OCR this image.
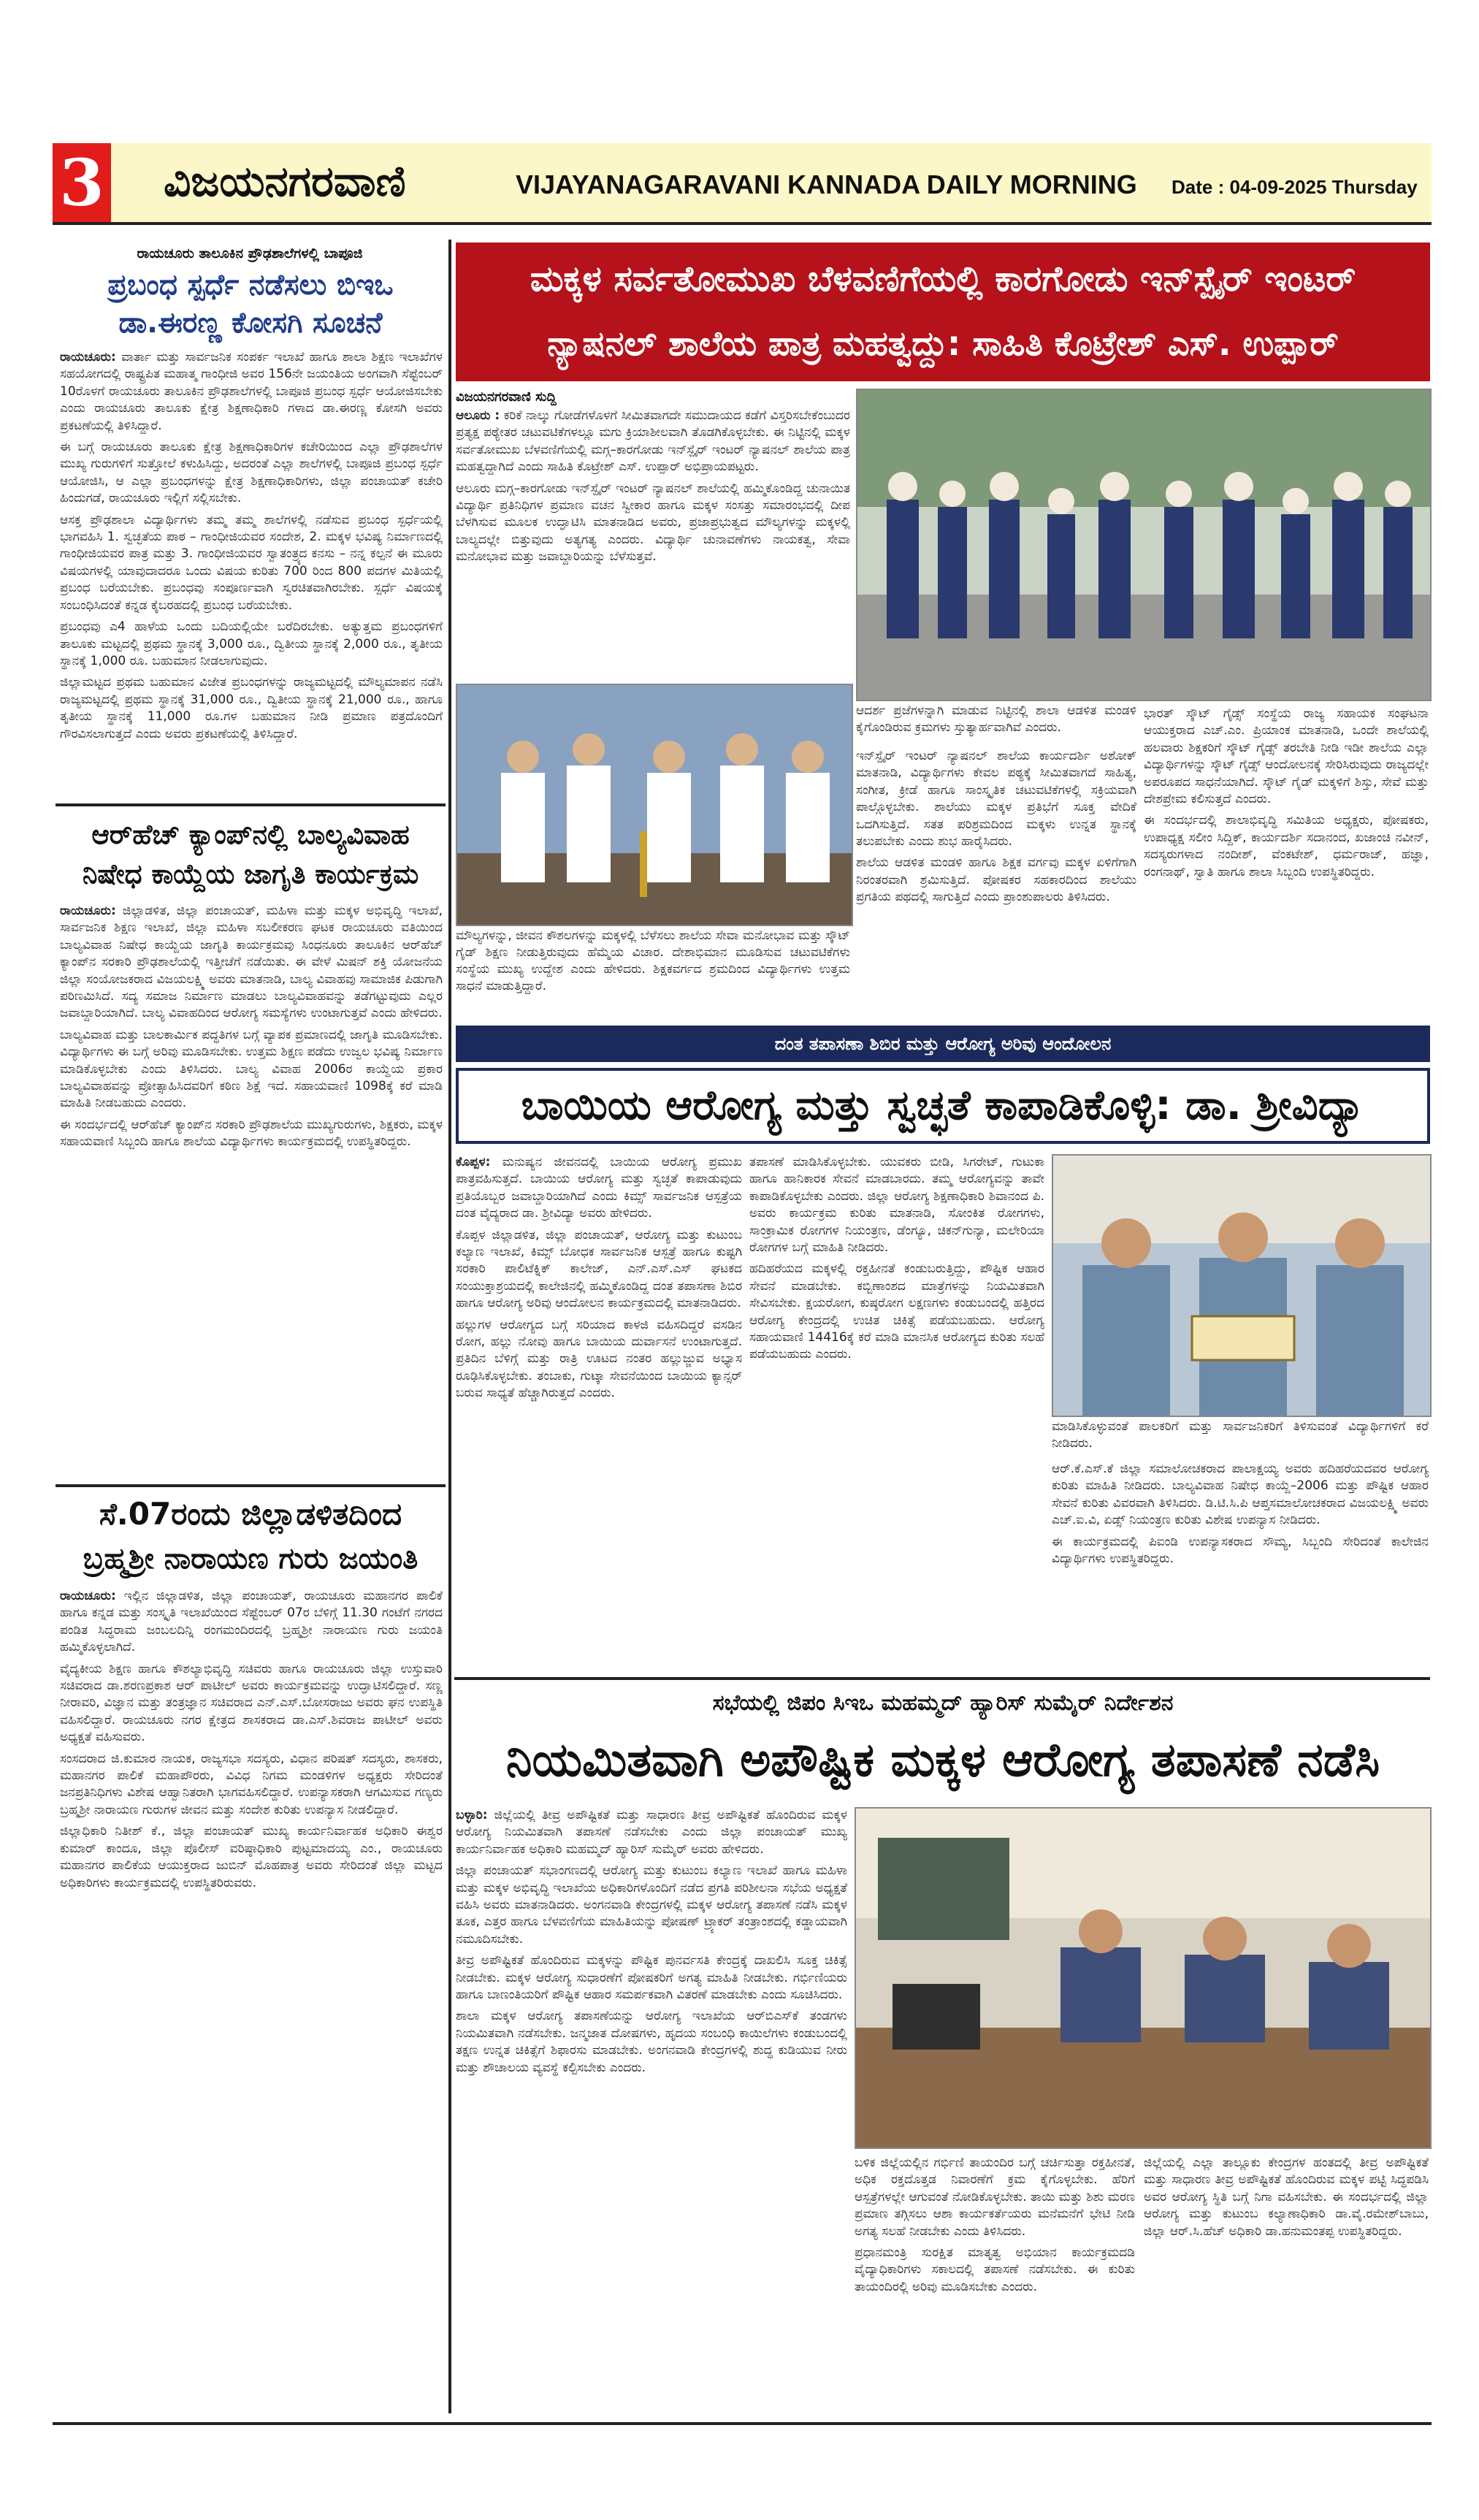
3 ವಿಜಯನಗರವಾಣಿ	VIJAYANAGARAVANI KANNADA DAILY MORNING Date : 04-09-2025 Thursday
ರಾಯಚೂರು ತಾಲೂಕಿನ ಪ್ರೌಢಶಾಲೆಗಳಲ್ಲಿ ಬಾಪೂಜಿ
ಪ್ರಬಂಧ ಸ್ಪರ್ಧೆ ನಡೆಸಲು ಬಿಇಒ
ಡಾ.ಈರಣ್ಣ ಕೋಸಗಿ ಸೂಚನೆ

ರಾಯಚೂರು: ವಾರ್ತಾ ಮತ್ತು ಸಾರ್ವಜನಿಕ ಸಂಪರ್ಕ ಇಲಾಖೆ ಹಾಗೂ ಶಾಲಾ ಶಿಕ್ಷಣ ಇಲಾಖೆಗಳ ಸಹಯೋಗದಲ್ಲಿ ರಾಷ್ಟ್ರಪಿತ ಮಹಾತ್ಮ ಗಾಂಧೀಜಿ ಅವರ 156ನೇ ಜಯಂತಿಯ ಅಂಗವಾಗಿ ಸೆಪ್ಟೆಂಬರ್ 10ರೊಳಗೆ ರಾಯಚೂರು ತಾಲೂಕಿನ ಪ್ರೌಢಶಾಲೆಗಳಲ್ಲಿ ಬಾಪೂಜಿ ಪ್ರಬಂಧ ಸ್ಪರ್ಧೆ ಆಯೋಜಿಸಬೇಕು ಎಂದು ರಾಯಚೂರು ತಾಲೂಕು ಕ್ಷೇತ್ರ ಶಿಕ್ಷಣಾಧಿಕಾರಿ ಗಳಾದ ಡಾ.ಈರಣ್ಣ ಕೋಸಗಿ ಅವರು ಪ್ರಕಟಣೆಯಲ್ಲಿ ತಿಳಿಸಿದ್ದಾರೆ.

ಈ ಬಗ್ಗೆ ರಾಯಚೂರು ತಾಲೂಕು ಕ್ಷೇತ್ರ ಶಿಕ್ಷಣಾಧಿಕಾರಿಗಳ ಕಚೇರಿಯಿಂದ ಎಲ್ಲಾ ಪ್ರೌಢಶಾಲೆಗಳ ಮುಖ್ಯ ಗುರುಗಳಿಗೆ ಸುತ್ತೋಲೆ ಕಳುಹಿಸಿದ್ದು, ಅದರಂತೆ ಎಲ್ಲಾ ಶಾಲೆಗಳಲ್ಲಿ ಬಾಪೂಜಿ ಪ್ರಬಂಧ ಸ್ಪರ್ಧೆ ಆಯೋಜಿಸಿ, ಆ ಎಲ್ಲಾ ಪ್ರಬಂಧಗಳನ್ನು ಕ್ಷೇತ್ರ ಶಿಕ್ಷಣಾಧಿಕಾರಿಗಳು, ಜಿಲ್ಲಾ ಪಂಚಾಯತ್ ಕಚೇರಿ ಹಿಂದುಗಡೆ, ರಾಯಚೂರು ಇಲ್ಲಿಗೆ ಸಲ್ಲಿಸಬೇಕು.

ಆಸಕ್ತ ಪ್ರೌಢಶಾಲಾ ವಿದ್ಯಾರ್ಥಿಗಳು ತಮ್ಮ ತಮ್ಮ ಶಾಲೆಗಳಲ್ಲಿ ನಡೆಸುವ ಪ್ರಬಂಧ ಸ್ಪರ್ಧೆಯಲ್ಲಿ ಭಾಗವಹಿಸಿ 1. ಸ್ವಚ್ಛತೆಯ ಪಾಠ – ಗಾಂಧೀಜಿಯವರ ಸಂದೇಶ, 2. ಮಕ್ಕಳ ಭವಿಷ್ಯ ನಿರ್ಮಾಣದಲ್ಲಿ ಗಾಂಧೀಜಿಯವರ ಪಾತ್ರ ಮತ್ತು 3. ಗಾಂಧೀಜಿಯವರ ಸ್ವಾತಂತ್ರ್ಯದ ಕನಸು – ನನ್ನ ಕಲ್ಪನೆ ಈ ಮೂರು ವಿಷಯಗಳಲ್ಲಿ ಯಾವುದಾದರೂ ಒಂದು ವಿಷಯ ಕುರಿತು 700 ರಿಂದ 800 ಪದಗಳ ಮಿತಿಯಲ್ಲಿ ಪ್ರಬಂಧ ಬರೆಯಬೇಕು. ಪ್ರಬಂಧವು ಸಂಪೂರ್ಣವಾಗಿ ಸ್ವರಚಿತವಾಗಿರಬೇಕು. ಸ್ಪರ್ಧೆ ವಿಷಯಕ್ಕೆ ಸಂಬಂಧಿಸಿದಂತೆ ಕನ್ನಡ ಕೈಬರಹದಲ್ಲಿ ಪ್ರಬಂಧ ಬರೆಯಬೇಕು.

ಪ್ರಬಂಧವು ಎ4 ಹಾಳೆಯ ಒಂದು ಬದಿಯಲ್ಲಿಯೇ ಬರೆದಿರಬೇಕು. ಅತ್ಯುತ್ತಮ ಪ್ರಬಂಧಗಳಿಗೆ ತಾಲೂಕು ಮಟ್ಟದಲ್ಲಿ ಪ್ರಥಮ ಸ್ಥಾನಕ್ಕೆ 3,000 ರೂ., ದ್ವಿತೀಯ ಸ್ಥಾನಕ್ಕೆ 2,000 ರೂ., ತೃತೀಯ ಸ್ಥಾನಕ್ಕೆ 1,000 ರೂ. ಬಹುಮಾನ ನೀಡಲಾಗುವುದು.

ಜಿಲ್ಲಾಮಟ್ಟದ ಪ್ರಥಮ ಬಹುಮಾನ ವಿಜೇತ ಪ್ರಬಂಧಗಳನ್ನು ರಾಜ್ಯಮಟ್ಟದಲ್ಲಿ ಮೌಲ್ಯಮಾಪನ ನಡೆಸಿ ರಾಜ್ಯಮಟ್ಟದಲ್ಲಿ ಪ್ರಥಮ ಸ್ಥಾನಕ್ಕೆ 31,000 ರೂ., ದ್ವಿತೀಯ ಸ್ಥಾನಕ್ಕೆ 21,000 ರೂ., ಹಾಗೂ ತೃತೀಯ ಸ್ಥಾನಕ್ಕೆ 11,000 ರೂ.ಗಳ ಬಹುಮಾನ ನೀಡಿ ಪ್ರಮಾಣ ಪತ್ರದೊಂದಿಗೆ ಗೌರವಿಸಲಾಗುತ್ತದೆ ಎಂದು ಅವರು ಪ್ರಕಟಣೆಯಲ್ಲಿ ತಿಳಿಸಿದ್ದಾರೆ.

ಆರ್‌ಹೆಚ್ ಕ್ಯಾಂಪ್‌ನಲ್ಲಿ ಬಾಲ್ಯವಿವಾಹ
ನಿಷೇಧ ಕಾಯ್ದೆಯ ಜಾಗೃತಿ ಕಾರ್ಯಕ್ರಮ

ರಾಯಚೂರು: ಜಿಲ್ಲಾಡಳಿತ, ಜಿಲ್ಲಾ ಪಂಚಾಯತ್, ಮಹಿಳಾ ಮತ್ತು ಮಕ್ಕಳ ಅಭಿವೃದ್ಧಿ ಇಲಾಖೆ, ಸಾರ್ವಜನಿಕ ಶಿಕ್ಷಣ ಇಲಾಖೆ, ಜಿಲ್ಲಾ ಮಹಿಳಾ ಸಬಲೀಕರಣ ಘಟಕ ರಾಯಚೂರು ವತಿಯಿಂದ ಬಾಲ್ಯವಿವಾಹ ನಿಷೇಧ ಕಾಯ್ದೆಯ ಜಾಗೃತಿ ಕಾರ್ಯಕ್ರಮವು ಸಿಂಧನೂರು ತಾಲೂಕಿನ ಆರ್‌ಹೆಚ್ ಕ್ಯಾಂಪ್‌ನ ಸರಕಾರಿ ಪ್ರೌಢಶಾಲೆಯಲ್ಲಿ ಇತ್ತೀಚೆಗೆ ನಡೆಯಿತು. ಈ ವೇಳೆ ಮಿಷನ್ ಶಕ್ತಿ ಯೋಜನೆಯ ಜಿಲ್ಲಾ ಸಂಯೋಜಕರಾದ ವಿಜಯಲಕ್ಷ್ಮಿ ಅವರು ಮಾತನಾಡಿ, ಬಾಲ್ಯ ವಿವಾಹವು ಸಾಮಾಜಿಕ ಪಿಡುಗಾಗಿ ಪರಿಣಮಿಸಿದೆ. ಸದ್ಯ ಸಮಾಜ ನಿರ್ಮಾಣ ಮಾಡಲು ಬಾಲ್ಯವಿವಾಹವನ್ನು ತಡೆಗಟ್ಟುವುದು ಎಲ್ಲರ ಜವಾಬ್ದಾರಿಯಾಗಿದೆ. ಬಾಲ್ಯ ವಿವಾಹದಿಂದ ಆರೋಗ್ಯ ಸಮಸ್ಯೆಗಳು ಉಂಟಾಗುತ್ತವೆ ಎಂದು ಹೇಳಿದರು.

ಬಾಲ್ಯವಿವಾಹ ಮತ್ತು ಬಾಲಕಾರ್ಮಿಕ ಪದ್ಧತಿಗಳ ಬಗ್ಗೆ ವ್ಯಾಪಕ ಪ್ರಮಾಣದಲ್ಲಿ ಜಾಗೃತಿ ಮೂಡಿಸಬೇಕು. ವಿದ್ಯಾರ್ಥಿಗಳು ಈ ಬಗ್ಗೆ ಅರಿವು ಮೂಡಿಸಬೇಕು. ಉತ್ತಮ ಶಿಕ್ಷಣ ಪಡೆದು ಉಜ್ವಲ ಭವಿಷ್ಯ ನಿರ್ಮಾಣ ಮಾಡಿಕೊಳ್ಳಬೇಕು ಎಂದು ತಿಳಿಸಿದರು. ಬಾಲ್ಯ ವಿವಾಹ 2006ರ ಕಾಯ್ದೆಯ ಪ್ರಕಾರ ಬಾಲ್ಯವಿವಾಹವನ್ನು ಪ್ರೋತ್ಸಾಹಿಸಿದವರಿಗೆ ಕಠಿಣ ಶಿಕ್ಷೆ ಇದೆ. ಸಹಾಯವಾಣಿ 1098ಕ್ಕೆ ಕರೆ ಮಾಡಿ ಮಾಹಿತಿ ನೀಡಬಹುದು ಎಂದರು.

ಈ ಸಂದರ್ಭದಲ್ಲಿ ಆರ್‌ಹೆಚ್ ಕ್ಯಾಂಪ್‌ನ ಸರಕಾರಿ ಪ್ರೌಢಶಾಲೆಯ ಮುಖ್ಯಗುರುಗಳು, ಶಿಕ್ಷಕರು, ಮಕ್ಕಳ ಸಹಾಯವಾಣಿ ಸಿಬ್ಬಂದಿ ಹಾಗೂ ಶಾಲೆಯ ವಿದ್ಯಾರ್ಥಿಗಳು ಕಾರ್ಯಕ್ರಮದಲ್ಲಿ ಉಪಸ್ಥಿತರಿದ್ದರು.

ಸೆ.07ರಂದು ಜಿಲ್ಲಾಡಳಿತದಿಂದ
ಬ್ರಹ್ಮಶ್ರೀ ನಾರಾಯಣ ಗುರು ಜಯಂತಿ

ರಾಯಚೂರು: ಇಲ್ಲಿನ ಜಿಲ್ಲಾಡಳಿತ, ಜಿಲ್ಲಾ ಪಂಚಾಯತ್, ರಾಯಚೂರು ಮಹಾನಗರ ಪಾಲಿಕೆ ಹಾಗೂ ಕನ್ನಡ ಮತ್ತು ಸಂಸ್ಕೃತಿ ಇಲಾಖೆಯಿಂದ ಸೆಪ್ಟೆಂಬರ್ 07ರ ಬೆಳಿಗ್ಗೆ 11.30 ಗಂಟೆಗೆ ನಗರದ ಪಂಡಿತ ಸಿದ್ಧರಾಮ ಜಂಬಲದಿನ್ನಿ ರಂಗಮಂದಿರದಲ್ಲಿ ಬ್ರಹ್ಮಶ್ರೀ ನಾರಾಯಣ ಗುರು ಜಯಂತಿ ಹಮ್ಮಿಕೊಳ್ಳಲಾಗಿದೆ.

ವೈದ್ಯಕೀಯ ಶಿಕ್ಷಣ ಹಾಗೂ ಕೌಶಲ್ಯಾಭಿವೃದ್ಧಿ ಸಚಿವರು ಹಾಗೂ ರಾಯಚೂರು ಜಿಲ್ಲಾ ಉಸ್ತುವಾರಿ ಸಚಿವರಾದ ಡಾ.ಶರಣಪ್ರಕಾಶ ಆರ್ ಪಾಟೀಲ್ ಅವರು ಕಾರ್ಯಕ್ರಮವನ್ನು ಉದ್ಘಾಟಿಸಲಿದ್ದಾರೆ. ಸಣ್ಣ ನೀರಾವರಿ, ವಿಜ್ಞಾನ ಮತ್ತು ತಂತ್ರಜ್ಞಾನ ಸಚಿವರಾದ ಎನ್.ಎಸ್.ಬೋಸರಾಜು ಅವರು ಘನ ಉಪಸ್ಥಿತಿ ವಹಿಸಲಿದ್ದಾರೆ. ರಾಯಚೂರು ನಗರ ಕ್ಷೇತ್ರದ ಶಾಸಕರಾದ ಡಾ.ಎಸ್.ಶಿವರಾಜ ಪಾಟೀಲ್ ಅವರು ಅಧ್ಯಕ್ಷತೆ ವಹಿಸುವರು.

ಸಂಸದರಾದ ಜಿ.ಕುಮಾರ ನಾಯಕ, ರಾಜ್ಯಸಭಾ ಸದಸ್ಯರು, ವಿಧಾನ ಪರಿಷತ್ ಸದಸ್ಯರು, ಶಾಸಕರು, ಮಹಾನಗರ ಪಾಲಿಕೆ ಮಹಾಪೌರರು, ವಿವಿಧ ನಿಗಮ ಮಂಡಳಿಗಳ ಅಧ್ಯಕ್ಷರು ಸೇರಿದಂತೆ ಜನಪ್ರತಿನಿಧಿಗಳು ವಿಶೇಷ ಆಹ್ವಾನಿತರಾಗಿ ಭಾಗವಹಿಸಲಿದ್ದಾರೆ. ಉಪನ್ಯಾಸಕರಾಗಿ ಆಗಮಿಸುವ ಗಣ್ಯರು ಬ್ರಹ್ಮಶ್ರೀ ನಾರಾಯಣ ಗುರುಗಳ ಜೀವನ ಮತ್ತು ಸಂದೇಶ ಕುರಿತು ಉಪನ್ಯಾಸ ನೀಡಲಿದ್ದಾರೆ.

ಜಿಲ್ಲಾಧಿಕಾರಿ ನಿತೀಶ್ ಕೆ., ಜಿಲ್ಲಾ ಪಂಚಾಯತ್ ಮುಖ್ಯ ಕಾರ್ಯನಿರ್ವಾಹಕ ಅಧಿಕಾರಿ ಈಶ್ವರ ಕುಮಾರ್ ಕಾಂದೂ, ಜಿಲ್ಲಾ ಪೊಲೀಸ್ ವರಿಷ್ಠಾಧಿಕಾರಿ ಪುಟ್ಟಮಾದಯ್ಯ ಎಂ., ರಾಯಚೂರು ಮಹಾನಗರ ಪಾಲಿಕೆಯ ಆಯುಕ್ತರಾದ ಜುಬಿನ್ ಮೊಹಪಾತ್ರ ಅವರು ಸೇರಿದಂತೆ ಜಿಲ್ಲಾ ಮಟ್ಟದ ಅಧಿಕಾರಿಗಳು ಕಾರ್ಯಕ್ರಮದಲ್ಲಿ ಉಪಸ್ಥಿತರಿರುವರು.

ಮಕ್ಕಳ ಸರ್ವತೋಮುಖ ಬೆಳವಣಿಗೆಯಲ್ಲಿ ಕಾರಗೋಡು ಇನ್‌ಸ್ಪೈರ್ ಇಂಟರ್
ನ್ಯಾಷನಲ್ ಶಾಲೆಯ ಪಾತ್ರ ಮಹತ್ವದ್ದು: ಸಾಹಿತಿ ಕೊಟ್ರೇಶ್ ಎಸ್. ಉಪ್ಪಾರ್
ವಿಜಯನಗರವಾಣಿ ಸುದ್ದಿ

ಆಲೂರು : ಕರಿಕೆ ನಾಲ್ಕು ಗೋಡೆಗಳೊಳಗೆ ಸೀಮಿತವಾಗದೇ ಸಮುದಾಯದ ಕಡೆಗೆ ವಿಸ್ತರಿಸಬೇಕೆಂಬುದರ ಪ್ರತ್ಯಕ್ಷ ಪಠ್ಯೇತರ ಚಟುವಟಿಕೆಗಳಲ್ಲೂ ಮಗು ಕ್ರಿಯಾಶೀಲವಾಗಿ ತೊಡಗಿಕೊಳ್ಳಬೇಕು. ಈ ನಿಟ್ಟಿನಲ್ಲಿ ಮಕ್ಕಳ ಸರ್ವತೋಮುಖ ಬೆಳವಣಿಗೆಯಲ್ಲಿ ಮಗ್ಗ–ಕಾರಗೋಡು ಇನ್‌ಸ್ಪೈರ್ ಇಂಟರ್ ನ್ಯಾಷನಲ್ ಶಾಲೆಯ ಪಾತ್ರ ಮಹತ್ವದ್ದಾಗಿದೆ ಎಂದು ಸಾಹಿತಿ ಕೊಟ್ರೇಶ್ ಎಸ್. ಉಪ್ಪಾರ್ ಅಭಿಪ್ರಾಯಪಟ್ಟರು.

ಆಲೂರು ಮಗ್ಗ–ಕಾರಗೋಡು ಇನ್‌ಸ್ಪೈರ್ ಇಂಟರ್ ನ್ಯಾಷನಲ್ ಶಾಲೆಯಲ್ಲಿ ಹಮ್ಮಿಕೊಂಡಿದ್ದ ಚುನಾಯಿತ ವಿದ್ಯಾರ್ಥಿ ಪ್ರತಿನಿಧಿಗಳ ಪ್ರಮಾಣ ವಚನ ಸ್ವೀಕಾರ ಹಾಗೂ ಮಕ್ಕಳ ಸಂಸತ್ತು ಸಮಾರಂಭದಲ್ಲಿ ದೀಪ ಬೆಳಗಿಸುವ ಮೂಲಕ ಉದ್ಘಾಟಿಸಿ ಮಾತನಾಡಿದ ಅವರು, ಪ್ರಜಾಪ್ರಭುತ್ವದ ಮೌಲ್ಯಗಳನ್ನು ಮಕ್ಕಳಲ್ಲಿ ಬಾಲ್ಯದಲ್ಲೇ ಬಿತ್ತುವುದು ಅತ್ಯಗತ್ಯ ಎಂದರು. ವಿದ್ಯಾರ್ಥಿ ಚುನಾವಣೆಗಳು ನಾಯಕತ್ವ, ಸೇವಾ ಮನೋಭಾವ ಮತ್ತು ಜವಾಬ್ದಾರಿಯನ್ನು ಬೆಳೆಸುತ್ತವೆ.

ಆದರ್ಶ ಪ್ರಜೆಗಳನ್ನಾಗಿ ಮಾಡುವ ನಿಟ್ಟಿನಲ್ಲಿ ಶಾಲಾ ಆಡಳಿತ ಮಂಡಳಿ ಕೈಗೊಂಡಿರುವ ಕ್ರಮಗಳು ಸ್ತುತ್ಯಾರ್ಹವಾಗಿವೆ ಎಂದರು.

ಇನ್‌ಸ್ಪೈರ್ ಇಂಟರ್ ನ್ಯಾಷನಲ್ ಶಾಲೆಯ ಕಾರ್ಯದರ್ಶಿ ಅಶೋಕ್ ಮಾತನಾಡಿ, ವಿದ್ಯಾರ್ಥಿಗಳು ಕೇವಲ ಪಠ್ಯಕ್ಕೆ ಸೀಮಿತವಾಗದೆ ಸಾಹಿತ್ಯ, ಸಂಗೀತ, ಕ್ರೀಡೆ ಹಾಗೂ ಸಾಂಸ್ಕೃತಿಕ ಚಟುವಟಿಕೆಗಳಲ್ಲಿ ಸಕ್ರಿಯವಾಗಿ ಪಾಲ್ಗೊಳ್ಳಬೇಕು. ಶಾಲೆಯು ಮಕ್ಕಳ ಪ್ರತಿಭೆಗೆ ಸೂಕ್ತ ವೇದಿಕೆ ಒದಗಿಸುತ್ತಿದೆ. ಸತತ ಪರಿಶ್ರಮದಿಂದ ಮಕ್ಕಳು ಉನ್ನತ ಸ್ಥಾನಕ್ಕೆ ತಲುಪಬೇಕು ಎಂದು ಶುಭ ಹಾರೈಸಿದರು.

ಶಾಲೆಯ ಆಡಳಿತ ಮಂಡಳಿ ಹಾಗೂ ಶಿಕ್ಷಕ ವರ್ಗವು ಮಕ್ಕಳ ಏಳಿಗೆಗಾಗಿ ನಿರಂತರವಾಗಿ ಶ್ರಮಿಸುತ್ತಿದೆ. ಪೋಷಕರ ಸಹಕಾರದಿಂದ ಶಾಲೆಯು ಪ್ರಗತಿಯ ಪಥದಲ್ಲಿ ಸಾಗುತ್ತಿದೆ ಎಂದು ಪ್ರಾಂಶುಪಾಲರು ತಿಳಿಸಿದರು.

ಭಾರತ್ ಸ್ಕೌಟ್ ಗೈಡ್ಸ್ ಸಂಸ್ಥೆಯ ರಾಜ್ಯ ಸಹಾಯಕ ಸಂಘಟನಾ ಆಯುಕ್ತರಾದ ಎಚ್.ಎಂ. ಪ್ರಿಯಾಂಕ ಮಾತನಾಡಿ, ಒಂದೇ ಶಾಲೆಯಲ್ಲಿ ಹಲವಾರು ಶಿಕ್ಷಕರಿಗೆ ಸ್ಕೌಟ್ ಗೈಡ್ಸ್ ತರಬೇತಿ ನೀಡಿ ಇಡೀ ಶಾಲೆಯ ಎಲ್ಲಾ ವಿದ್ಯಾರ್ಥಿಗಳನ್ನು ಸ್ಕೌಟ್ ಗೈಡ್ಸ್ ಆಂದೋಲನಕ್ಕೆ ಸೇರಿಸಿರುವುದು ರಾಜ್ಯದಲ್ಲೇ ಅಪರೂಪದ ಸಾಧನೆಯಾಗಿದೆ. ಸ್ಕೌಟ್ ಗೈಡ್ ಮಕ್ಕಳಿಗೆ ಶಿಸ್ತು, ಸೇವೆ ಮತ್ತು ದೇಶಪ್ರೇಮ ಕಲಿಸುತ್ತದೆ ಎಂದರು.

ಈ ಸಂದರ್ಭದಲ್ಲಿ ಶಾಲಾಭಿವೃದ್ಧಿ ಸಮಿತಿಯ ಅಧ್ಯಕ್ಷರು, ಪೋಷಕರು, ಉಪಾಧ್ಯಕ್ಷ ಸಲೀಂ ಸಿದ್ದಿಕ್, ಕಾರ್ಯದರ್ಶಿ ಸದಾನಂದ, ಖಜಾಂಚಿ ನವೀನ್, ಸದಸ್ಯರುಗಳಾದ ನಂದೀಶ್, ವೆಂಕಟೇಶ್, ಧರ್ಮರಾಜ್, ಹಜ್ಞಾ, ರಂಗನಾಥ್, ಸ್ವಾತಿ ಹಾಗೂ ಶಾಲಾ ಸಿಬ್ಬಂದಿ ಉಪಸ್ಥಿತರಿದ್ದರು.

ಮೌಲ್ಯಗಳನ್ನು, ಜೀವನ ಕೌಶಲಗಳನ್ನು ಮಕ್ಕಳಲ್ಲಿ ಬೆಳೆಸಲು ಶಾಲೆಯ ಸೇವಾ ಮನೋಭಾವ ಮತ್ತು ಸ್ಕೌಟ್ ಗೈಡ್ ಶಿಕ್ಷಣ ನೀಡುತ್ತಿರುವುದು ಹೆಮ್ಮೆಯ ವಿಚಾರ. ದೇಶಾಭಿಮಾನ ಮೂಡಿಸುವ ಚಟುವಟಿಕೆಗಳು ಸಂಸ್ಥೆಯ ಮುಖ್ಯ ಉದ್ದೇಶ ಎಂದು ಹೇಳಿದರು. ಶಿಕ್ಷಕವರ್ಗದ ಶ್ರಮದಿಂದ ವಿದ್ಯಾರ್ಥಿಗಳು ಉತ್ತಮ ಸಾಧನೆ ಮಾಡುತ್ತಿದ್ದಾರೆ.
ದಂತ ತಪಾಸಣಾ ಶಿಬಿರ ಮತ್ತು ಆರೋಗ್ಯ ಅರಿವು ಆಂದೋಲನ
ಬಾಯಿಯ ಆರೋಗ್ಯ ಮತ್ತು ಸ್ವಚ್ಛತೆ ಕಾಪಾಡಿಕೊಳ್ಳಿ: ಡಾ. ಶ್ರೀವಿದ್ಯಾ

ಕೊಪ್ಪಳ: ಮನುಷ್ಯನ ಜೀವನದಲ್ಲಿ ಬಾಯಿಯ ಆರೋಗ್ಯ ಪ್ರಮುಖ ಪಾತ್ರವಹಿಸುತ್ತದೆ. ಬಾಯಿಯ ಆರೋಗ್ಯ ಮತ್ತು ಸ್ವಚ್ಛತೆ ಕಾಪಾಡುವುದು ಪ್ರತಿಯೊಬ್ಬರ ಜವಾಬ್ದಾರಿಯಾಗಿದೆ ಎಂದು ಕಿಮ್ಸ್ ಸಾರ್ವಜನಿಕ ಆಸ್ಪತ್ರೆಯ ದಂತ ವೈದ್ಯರಾದ ಡಾ. ಶ್ರೀವಿದ್ಯಾ ಅವರು ಹೇಳಿದರು.

ಕೊಪ್ಪಳ ಜಿಲ್ಲಾಡಳಿತ, ಜಿಲ್ಲಾ ಪಂಚಾಯತ್, ಆರೋಗ್ಯ ಮತ್ತು ಕುಟುಂಬ ಕಲ್ಯಾಣ ಇಲಾಖೆ, ಕಿಮ್ಸ್ ಬೋಧಕ ಸಾರ್ವಜನಿಕ ಆಸ್ಪತ್ರೆ ಹಾಗೂ ಕುಷ್ಟಗಿ ಸರಕಾರಿ ಪಾಲಿಟೆಕ್ನಿಕ್ ಕಾಲೇಜ್, ಎನ್.ಎಸ್.ಎಸ್ ಘಟಕದ ಸಂಯುಕ್ತಾಶ್ರಯದಲ್ಲಿ ಕಾಲೇಜಿನಲ್ಲಿ ಹಮ್ಮಿಕೊಂಡಿದ್ದ ದಂತ ತಪಾಸಣಾ ಶಿಬಿರ ಹಾಗೂ ಆರೋಗ್ಯ ಅರಿವು ಆಂದೋಲನ ಕಾರ್ಯಕ್ರಮದಲ್ಲಿ ಮಾತನಾಡಿದರು.

ಹಲ್ಲುಗಳ ಆರೋಗ್ಯದ ಬಗ್ಗೆ ಸರಿಯಾದ ಕಾಳಜಿ ವಹಿಸದಿದ್ದರೆ ವಸಡಿನ ರೋಗ, ಹಲ್ಲು ನೋವು ಹಾಗೂ ಬಾಯಿಯ ದುರ್ವಾಸನೆ ಉಂಟಾಗುತ್ತದೆ. ಪ್ರತಿದಿನ ಬೆಳಿಗ್ಗೆ ಮತ್ತು ರಾತ್ರಿ ಊಟದ ನಂತರ ಹಲ್ಲುಜ್ಜುವ ಅಭ್ಯಾಸ ರೂಢಿಸಿಕೊಳ್ಳಬೇಕು. ತಂಬಾಕು, ಗುಟ್ಕಾ ಸೇವನೆಯಿಂದ ಬಾಯಿಯ ಕ್ಯಾನ್ಸರ್ ಬರುವ ಸಾಧ್ಯತೆ ಹೆಚ್ಚಾಗಿರುತ್ತದೆ ಎಂದರು.

ತಪಾಸಣೆ ಮಾಡಿಸಿಕೊಳ್ಳಬೇಕು. ಯುವಕರು ಬೀಡಿ, ಸಿಗರೇಟ್, ಗುಟುಕಾ ಹಾಗೂ ಹಾನಿಕಾರಕ ಸೇವನೆ ಮಾಡಬಾರದು. ತಮ್ಮ ಆರೋಗ್ಯವನ್ನು ತಾವೇ ಕಾಪಾಡಿಕೊಳ್ಳಬೇಕು ಎಂದರು. ಜಿಲ್ಲಾ ಆರೋಗ್ಯ ಶಿಕ್ಷಣಾಧಿಕಾರಿ ಶಿವಾನಂದ ಪಿ. ಅವರು ಕಾರ್ಯಕ್ರಮ ಕುರಿತು ಮಾತನಾಡಿ, ಸೋಂಕಿತ ರೋಗಗಳು, ಸಾಂಕ್ರಾಮಿಕ ರೋಗಗಳ ನಿಯಂತ್ರಣ, ಡೆಂಗ್ಯೂ, ಚಿಕನ್‌ಗುನ್ಯಾ, ಮಲೇರಿಯಾ ರೋಗಗಳ ಬಗ್ಗೆ ಮಾಹಿತಿ ನೀಡಿದರು.

ಹದಿಹರೆಯದ ಮಕ್ಕಳಲ್ಲಿ ರಕ್ತಹೀನತೆ ಕಂಡುಬರುತ್ತಿದ್ದು, ಪೌಷ್ಟಿಕ ಆಹಾರ ಸೇವನೆ ಮಾಡಬೇಕು. ಕಬ್ಬಿಣಾಂಶದ ಮಾತ್ರೆಗಳನ್ನು ನಿಯಮಿತವಾಗಿ ಸೇವಿಸಬೇಕು. ಕ್ಷಯರೋಗ, ಕುಷ್ಠರೋಗ ಲಕ್ಷಣಗಳು ಕಂಡುಬಂದಲ್ಲಿ ಹತ್ತಿರದ ಆರೋಗ್ಯ ಕೇಂದ್ರದಲ್ಲಿ ಉಚಿತ ಚಿಕಿತ್ಸೆ ಪಡೆಯಬಹುದು. ಆರೋಗ್ಯ ಸಹಾಯವಾಣಿ 14416ಕ್ಕೆ ಕರೆ ಮಾಡಿ ಮಾನಸಿಕ ಆರೋಗ್ಯದ ಕುರಿತು ಸಲಹೆ ಪಡೆಯಬಹುದು ಎಂದರು.

ಮಾಡಿಸಿಕೊಳ್ಳುವಂತೆ ಪಾಲಕರಿಗೆ ಮತ್ತು ಸಾರ್ವಜನಿಕರಿಗೆ ತಿಳಿಸುವಂತೆ ವಿದ್ಯಾರ್ಥಿಗಳಿಗೆ ಕರೆ ನೀಡಿದರು.

ಆರ್.ಕೆ.ಎಸ್.ಕೆ ಜಿಲ್ಲಾ ಸಮಾಲೋಚಕರಾದ ಪಾಲಾಕ್ಷಯ್ಯ ಅವರು ಹದಿಹರೆಯದವರ ಆರೋಗ್ಯ ಕುರಿತು ಮಾಹಿತಿ ನೀಡಿದರು. ಬಾಲ್ಯವಿವಾಹ ನಿಷೇಧ ಕಾಯ್ದೆ–2006 ಮತ್ತು ಪೌಷ್ಟಿಕ ಆಹಾರ ಸೇವನೆ ಕುರಿತು ವಿವರವಾಗಿ ತಿಳಿಸಿದರು. ಡಿ.ಟಿ.ಸಿ.ಪಿ ಆಪ್ತಸಮಾಲೋಚಕರಾದ ವಿಜಯಲಕ್ಷ್ಮಿ ಅವರು ಎಚ್.ಐ.ವಿ, ಏಡ್ಸ್ ನಿಯಂತ್ರಣ ಕುರಿತು ವಿಶೇಷ ಉಪನ್ಯಾಸ ನೀಡಿದರು.

ಈ ಕಾರ್ಯಕ್ರಮದಲ್ಲಿ ಪಿಐಂಡಿ ಉಪನ್ಯಾಸಕರಾದ ಸೌಮ್ಯ, ಸಿಬ್ಬಂದಿ ಸೇರಿದಂತೆ ಕಾಲೇಜಿನ ವಿದ್ಯಾರ್ಥಿಗಳು ಉಪಸ್ಥಿತರಿದ್ದರು.

ಸಭೆಯಲ್ಲಿ ಜಿಪಂ ಸಿಇಒ ಮಹಮ್ಮದ್ ಹ್ಯಾರಿಸ್ ಸುಮೈರ್ ನಿರ್ದೇಶನ
ನಿಯಮಿತವಾಗಿ ಅಪೌಷ್ಟಿಕ ಮಕ್ಕಳ ಆರೋಗ್ಯ ತಪಾಸಣೆ ನಡೆಸಿ

ಬಳ್ಳಾರಿ: ಜಿಲ್ಲೆಯಲ್ಲಿ ತೀವ್ರ ಅಪೌಷ್ಟಿಕತೆ ಮತ್ತು ಸಾಧಾರಣ ತೀವ್ರ ಅಪೌಷ್ಟಿಕತೆ ಹೊಂದಿರುವ ಮಕ್ಕಳ ಆರೋಗ್ಯ ನಿಯಮಿತವಾಗಿ ತಪಾಸಣೆ ನಡೆಸಬೇಕು ಎಂದು ಜಿಲ್ಲಾ ಪಂಚಾಯತ್ ಮುಖ್ಯ ಕಾರ್ಯನಿರ್ವಾಹಕ ಅಧಿಕಾರಿ ಮಹಮ್ಮದ್ ಹ್ಯಾರಿಸ್ ಸುಮೈರ್ ಅವರು ಹೇಳಿದರು.

ಜಿಲ್ಲಾ ಪಂಚಾಯತ್ ಸಭಾಂಗಣದಲ್ಲಿ ಆರೋಗ್ಯ ಮತ್ತು ಕುಟುಂಬ ಕಲ್ಯಾಣ ಇಲಾಖೆ ಹಾಗೂ ಮಹಿಳಾ ಮತ್ತು ಮಕ್ಕಳ ಅಭಿವೃದ್ಧಿ ಇಲಾಖೆಯ ಅಧಿಕಾರಿಗಳೊಂದಿಗೆ ನಡೆದ ಪ್ರಗತಿ ಪರಿಶೀಲನಾ ಸಭೆಯ ಅಧ್ಯಕ್ಷತೆ ವಹಿಸಿ ಅವರು ಮಾತನಾಡಿದರು. ಅಂಗನವಾಡಿ ಕೇಂದ್ರಗಳಲ್ಲಿ ಮಕ್ಕಳ ಆರೋಗ್ಯ ತಪಾಸಣೆ ನಡೆಸಿ ಮಕ್ಕಳ ತೂಕ, ಎತ್ತರ ಹಾಗೂ ಬೆಳವಣಿಗೆಯ ಮಾಹಿತಿಯನ್ನು ಪೋಷಣ್ ಟ್ರ್ಯಾಕರ್ ತಂತ್ರಾಂಶದಲ್ಲಿ ಕಡ್ಡಾಯವಾಗಿ ನಮೂದಿಸಬೇಕು.

ತೀವ್ರ ಅಪೌಷ್ಟಿಕತೆ ಹೊಂದಿರುವ ಮಕ್ಕಳನ್ನು ಪೌಷ್ಟಿಕ ಪುನರ್ವಸತಿ ಕೇಂದ್ರಕ್ಕೆ ದಾಖಲಿಸಿ ಸೂಕ್ತ ಚಿಕಿತ್ಸೆ ನೀಡಬೇಕು. ಮಕ್ಕಳ ಆರೋಗ್ಯ ಸುಧಾರಣೆಗೆ ಪೋಷಕರಿಗೆ ಅಗತ್ಯ ಮಾಹಿತಿ ನೀಡಬೇಕು. ಗರ್ಭಿಣಿಯರು ಹಾಗೂ ಬಾಣಂತಿಯರಿಗೆ ಪೌಷ್ಟಿಕ ಆಹಾರ ಸಮರ್ಪಕವಾಗಿ ವಿತರಣೆ ಮಾಡಬೇಕು ಎಂದು ಸೂಚಿಸಿದರು.

ಶಾಲಾ ಮಕ್ಕಳ ಆರೋಗ್ಯ ತಪಾಸಣೆಯನ್ನು ಆರೋಗ್ಯ ಇಲಾಖೆಯ ಆರ್‌ಬಿಎಸ್‌ಕೆ ತಂಡಗಳು ನಿಯಮಿತವಾಗಿ ನಡೆಸಬೇಕು. ಜನ್ಮಜಾತ ದೋಷಗಳು, ಹೃದಯ ಸಂಬಂಧಿ ಕಾಯಿಲೆಗಳು ಕಂಡುಬಂದಲ್ಲಿ ತಕ್ಷಣ ಉನ್ನತ ಚಿಕಿತ್ಸೆಗೆ ಶಿಫಾರಸು ಮಾಡಬೇಕು. ಅಂಗನವಾಡಿ ಕೇಂದ್ರಗಳಲ್ಲಿ ಶುದ್ಧ ಕುಡಿಯುವ ನೀರು ಮತ್ತು ಶೌಚಾಲಯ ವ್ಯವಸ್ಥೆ ಕಲ್ಪಿಸಬೇಕು ಎಂದರು.

ಬಳಿಕ ಜಿಲ್ಲೆಯಲ್ಲಿನ ಗರ್ಭಿಣಿ ತಾಯಂದಿರ ಬಗ್ಗೆ ಚರ್ಚಿಸುತ್ತಾ ರಕ್ತಹೀನತೆ, ಅಧಿಕ ರಕ್ತದೊತ್ತಡ ನಿವಾರಣೆಗೆ ಕ್ರಮ ಕೈಗೊಳ್ಳಬೇಕು. ಹೆರಿಗೆ ಆಸ್ಪತ್ರೆಗಳಲ್ಲೇ ಆಗುವಂತೆ ನೋಡಿಕೊಳ್ಳಬೇಕು. ತಾಯಿ ಮತ್ತು ಶಿಶು ಮರಣ ಪ್ರಮಾಣ ತಗ್ಗಿಸಲು ಆಶಾ ಕಾರ್ಯಕರ್ತೆಯರು ಮನೆಮನೆಗೆ ಭೇಟಿ ನೀಡಿ ಅಗತ್ಯ ಸಲಹೆ ನೀಡಬೇಕು ಎಂದು ತಿಳಿಸಿದರು.

ಪ್ರಧಾನಮಂತ್ರಿ ಸುರಕ್ಷಿತ ಮಾತೃತ್ವ ಅಭಿಯಾನ ಕಾರ್ಯಕ್ರಮದಡಿ ವೈದ್ಯಾಧಿಕಾರಿಗಳು ಸಕಾಲದಲ್ಲಿ ತಪಾಸಣೆ ನಡೆಸಬೇಕು. ಈ ಕುರಿತು ತಾಯಂದಿರಲ್ಲಿ ಅರಿವು ಮೂಡಿಸಬೇಕು ಎಂದರು.

ಜಿಲ್ಲೆಯಲ್ಲಿ ಎಲ್ಲಾ ತಾಲ್ಲೂಕು ಕೇಂದ್ರಗಳ ಹಂತದಲ್ಲಿ ತೀವ್ರ ಅಪೌಷ್ಟಿಕತೆ ಮತ್ತು ಸಾಧಾರಣ ತೀವ್ರ ಅಪೌಷ್ಟಿಕತೆ ಹೊಂದಿರುವ ಮಕ್ಕಳ ಪಟ್ಟಿ ಸಿದ್ಧಪಡಿಸಿ ಅವರ ಆರೋಗ್ಯ ಸ್ಥಿತಿ ಬಗ್ಗೆ ನಿಗಾ ವಹಿಸಬೇಕು. ಈ ಸಂದರ್ಭದಲ್ಲಿ ಜಿಲ್ಲಾ ಆರೋಗ್ಯ ಮತ್ತು ಕುಟುಂಬ ಕಲ್ಯಾಣಾಧಿಕಾರಿ ಡಾ.ವೈ.ರಮೇಶ್‌ಬಾಬು, ಜಿಲ್ಲಾ ಆರ್.ಸಿ.ಹೆಚ್ ಅಧಿಕಾರಿ ಡಾ.ಹನುಮಂತಪ್ಪ ಉಪಸ್ಥಿತರಿದ್ದರು.
